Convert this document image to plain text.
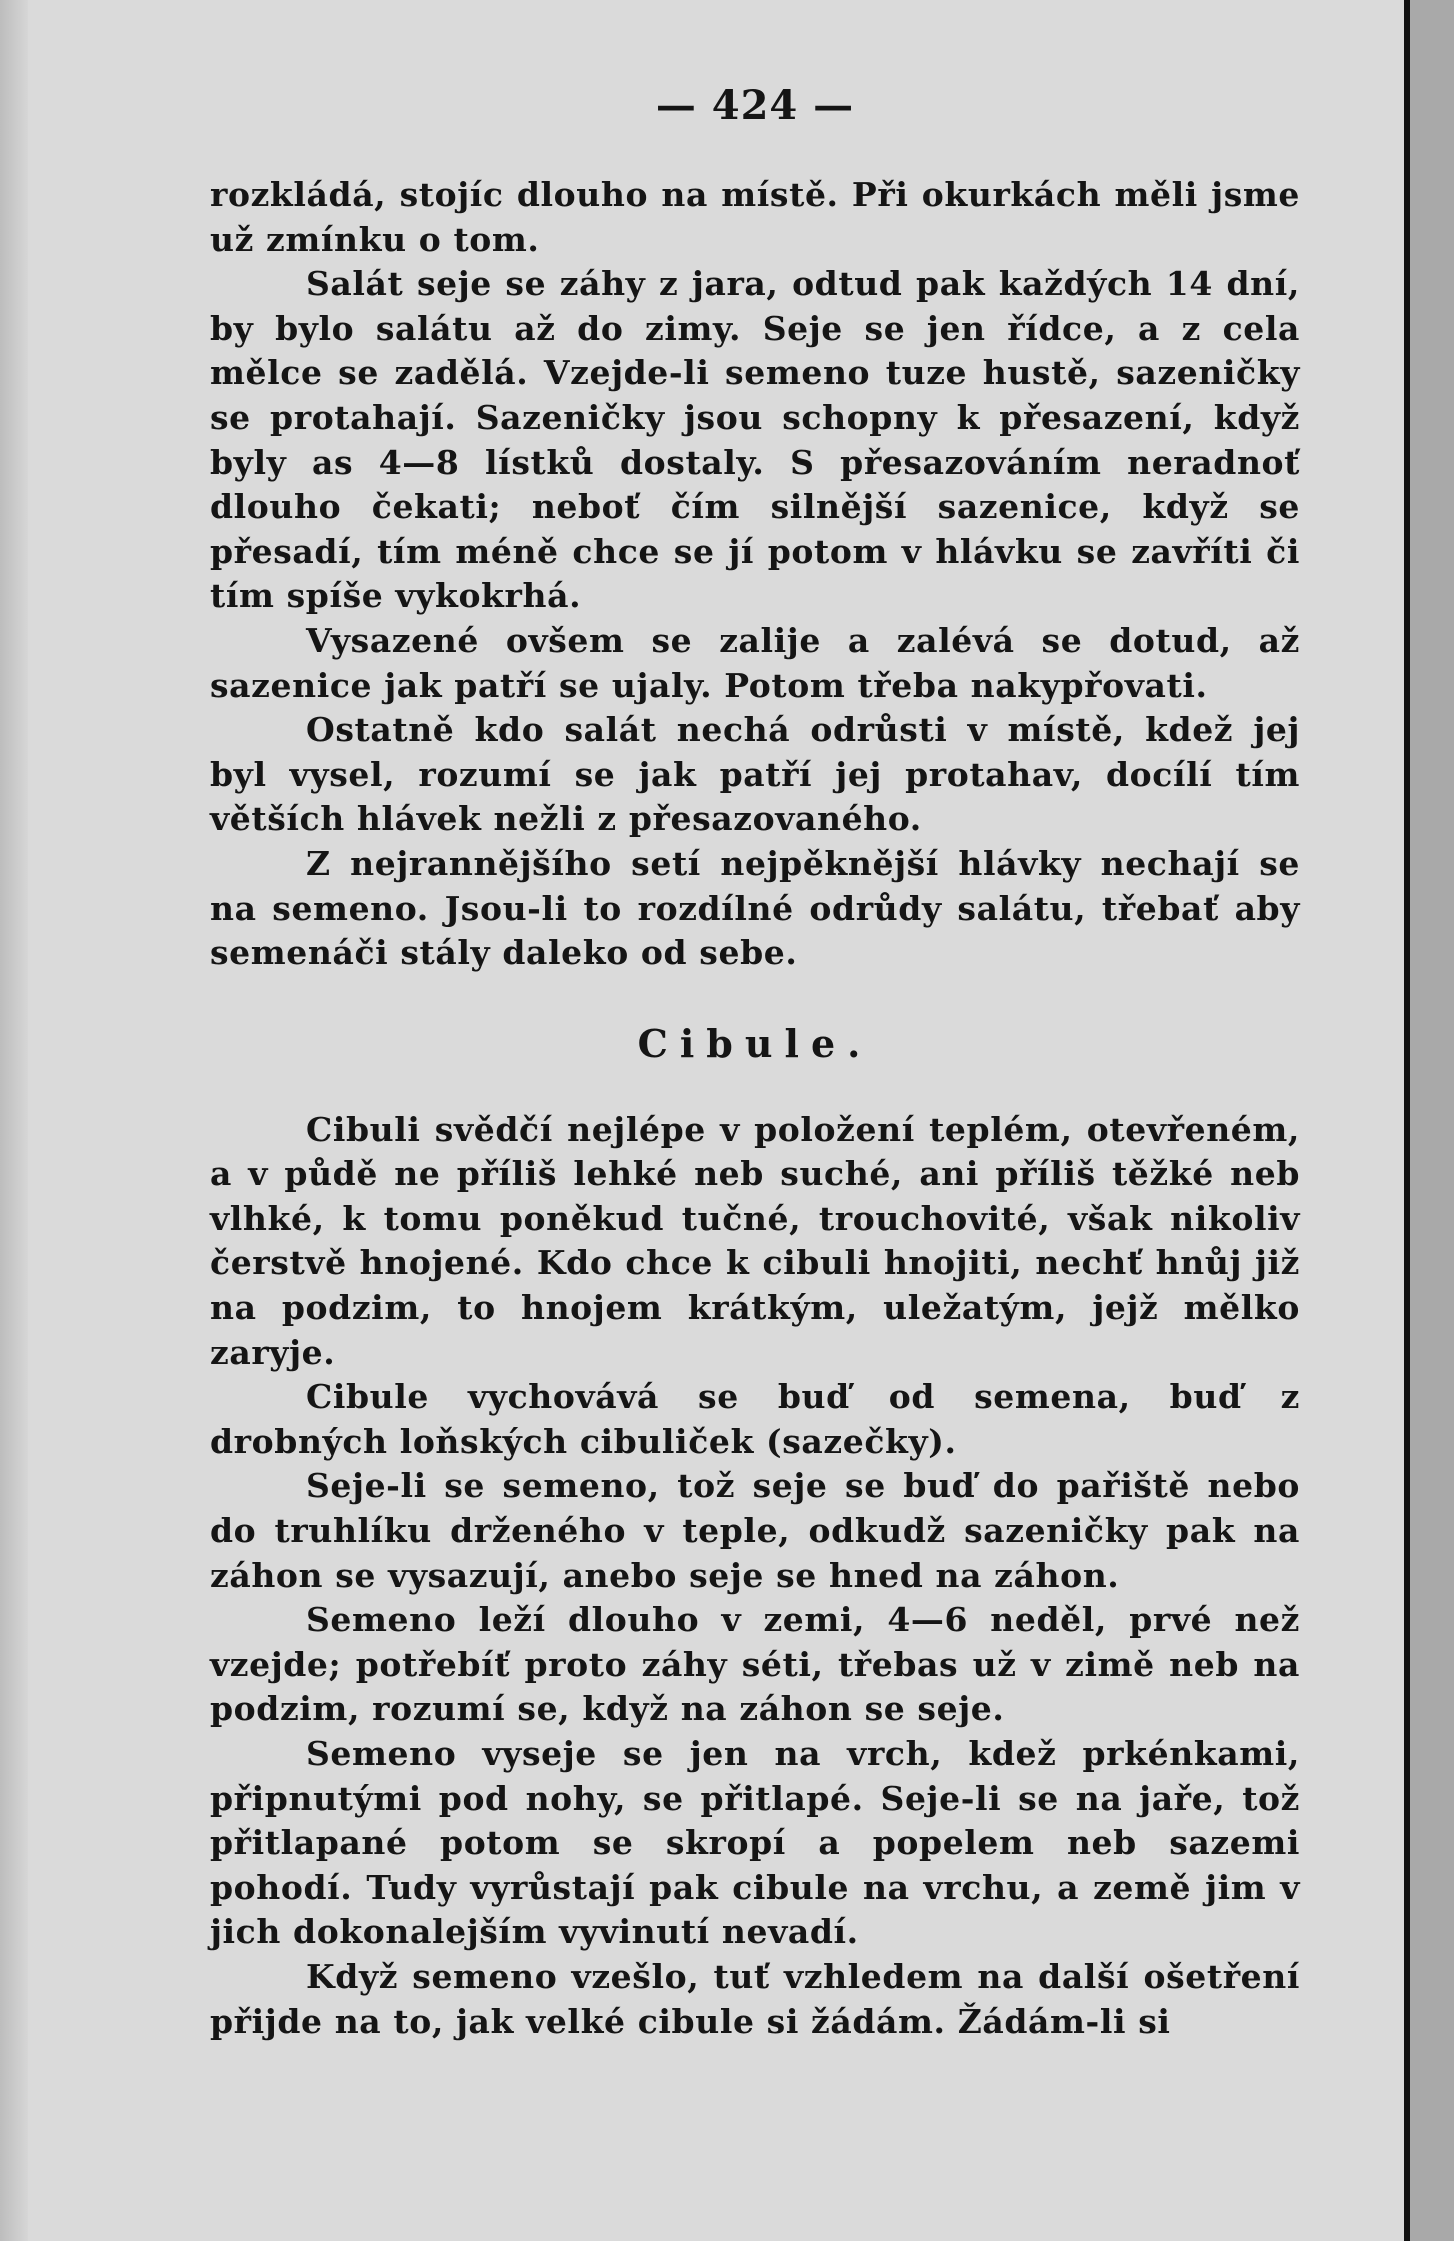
— 424 —

rozkládá, stojíc dlouho na místě. Při okurkách měli jsme už zmínku o tom.

Salát seje se záhy z jara, odtud pak každých 14 dní, by bylo salátu až do zimy. Seje se jen řídce, a z cela mělce se zadělá. Vzejde-li semeno tuze hustě, sazeničky se protahají. Sazeničky jsou schopny k přesazení, když byly as 4—8 lístků dostaly. S přesazováním neradnoť dlouho čekati; neboť čím silnější sazenice, když se přesadí, tím méně chce se jí potom v hlávku se zavříti či tím spíše vykokrhá.

Vysazené ovšem se zalije a zalévá se dotud, až sazenice jak patří se ujaly. Potom třeba nakypřovati.

Ostatně kdo salát nechá odrůsti v místě, kdež jej byl vysel, rozumí se jak patří jej protahav, docílí tím větších hlávek nežli z přesazovaného.

Z nejrannějšího setí nejpěknější hlávky nechají se na semeno. Jsou-li to rozdílné odrůdy salátu, třebať aby semenáči stály daleko od sebe.

Cibule.

Cibuli svědčí nejlépe v položení teplém, otevřeném, a v půdě ne příliš lehké neb suché, ani příliš těžké neb vlhké, k tomu poněkud tučné, trouchovité, však nikoliv čerstvě hnojené. Kdo chce k cibuli hnojiti, nechť hnůj již na podzim, to hnojem krátkým, uležatým, jejž mělko zaryje.

Cibule vychovává se buď od semena, buď z drobných loňských cibuliček (sazečky).

Seje-li se semeno, tož seje se buď do pařiště nebo do truhlíku drženého v teple, odkudž sazeničky pak na záhon se vysazují, anebo seje se hned na záhon.

Semeno leží dlouho v zemi, 4—6 neděl, prvé než vzejde; potřebíť proto záhy séti, třebas už v zimě neb na podzim, rozumí se, když na záhon se seje.

Semeno vyseje se jen na vrch, kdež prkénkami, připnutými pod nohy, se přitlapé. Seje-li se na jaře, tož přitlapané potom se skropí a popelem neb sazemi pohodí. Tudy vyrůstají pak cibule na vrchu, a země jim v jich dokonalejším vyvinutí nevadí.

Když semeno vzešlo, tuť vzhledem na další ošetření přijde na to, jak velké cibule si žádám. Žádám-li si
